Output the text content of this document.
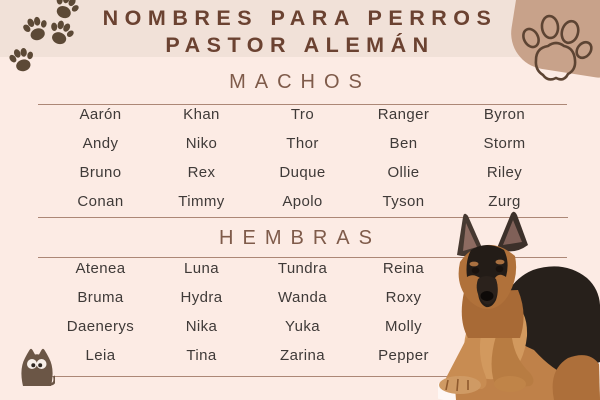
NOMBRES PARA PERROS
PASTOR ALEMÁN
MACHOS
Aarón	Khan	Tro	Ranger	Byron
Andy	Niko	Thor	Ben	Storm
Bruno	Rex	Duque	Ollie	Riley
Conan	Timmy	Apolo	Tyson	Zurg
HEMBRAS
Atenea	Luna	Tundra	Reina
Bruma	Hydra	Wanda	Roxy
Daenerys	Nika	Yuka	Molly
Leia	Tina	Zarina	Pepper
